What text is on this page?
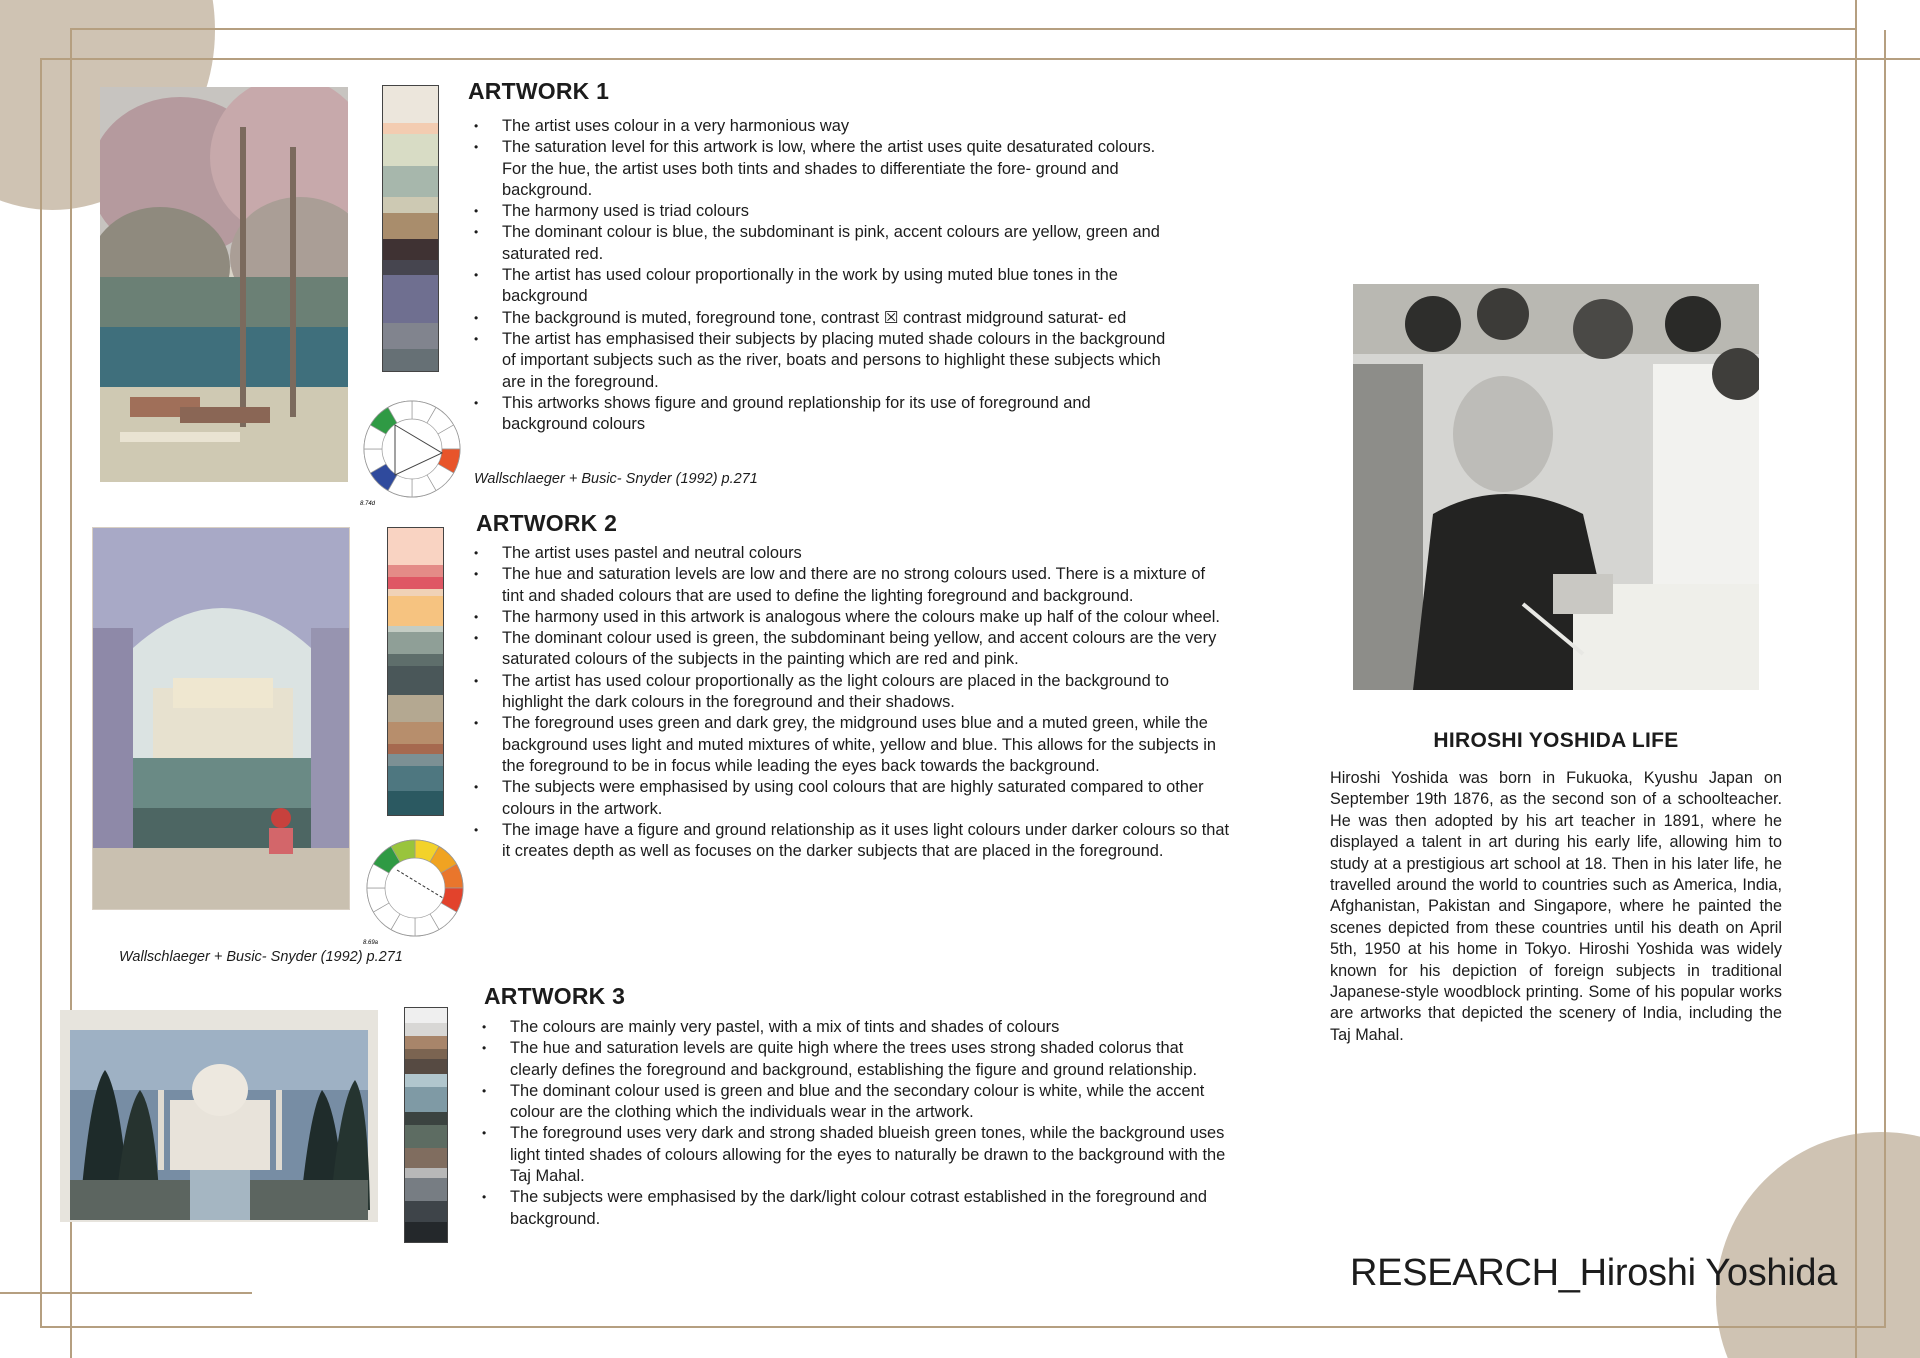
8.74d
ARTWORK 1
• The artist uses colour in a very harmonious way
• The saturation level for this artwork is low, where the artist uses quite desaturated colours. For the hue, the artist uses both tints and shades to differentiate the fore- ground and background.
• The harmony used is triad colours
• The dominant colour is blue, the subdominant is pink, accent colours are yellow, green and saturated red.
• The artist has used colour proportionally in the work by using muted blue tones in the background
• The background is muted, foreground tone, contrast ☒ contrast midground saturat- ed
• The artist has emphasised their subjects by placing muted shade colours in the background of important subjects such as the river, boats and persons to highlight these subjects which are in the foreground.
• This artworks shows figure and ground replationship for its use of foreground and background colours
Wallschlaeger + Busic- Snyder (1992) p.271
8.69a
Wallschlaeger + Busic- Snyder (1992) p.271
ARTWORK 2
• The artist uses pastel and neutral colours
• The hue and saturation levels are low and there are no strong colours used. There is a mixture of tint and shaded colours that are used to define the lighting foreground and background.
• The harmony used in this artwork is analogous where the colours make up half of the colour wheel.
• The dominant colour used is green, the subdominant being yellow, and accent colours are the very saturated colours of the subjects in the painting which are red and pink.
• The artist has used colour proportionally as the light colours are placed in the background to highlight the dark colours in the foreground and their shadows.
• The foreground uses green and dark grey, the midground uses blue and a muted green, while the background uses light and muted mixtures of white, yellow and blue. This allows for the subjects in the foreground to be in focus while leading the eyes back towards the background.
• The subjects were emphasised by using cool colours that are highly saturated compared to other colours in the artwork.
• The image have a figure and ground relationship as it uses light colours under darker colours so that it creates depth as well as focuses on the darker subjects that are placed in the foreground.
ARTWORK 3
• The colours are mainly very pastel, with a mix of tints and shades of colours
• The hue and saturation levels are quite high where the trees uses strong shaded colorus that clearly defines the foreground and background, establishing the figure and ground relationship.
• The dominant colour used is green and blue and the secondary colour is white, while the accent colour are the clothing which the individuals wear in the artwork.
• The foreground uses very dark and strong shaded blueish green tones, while the background uses light tinted shades of colours allowing for the eyes to naturally be drawn to the background with the Taj Mahal.
• The subjects were emphasised by the dark/light colour cotrast established in the foreground and background.
HIROSHI YOSHIDA LIFE
Hiroshi Yoshida was born in Fukuoka, Kyushu Japan on September 19th 1876, as the second son of a schoolteacher. He was then adopted by his art teacher in 1891, where he displayed a talent in art during his early life, allowing him to study at a prestigious art school at 18. Then in his later life, he travelled around the world to countries such as America, India, Afghanistan, Pakistan and Singapore, where he painted the scenes depicted from these countries until his death on April 5th, 1950 at his home in Tokyo. Hiroshi Yoshida was widely known for his depiction of foreign subjects in traditional Japanese-style woodblock printing. Some of his popular works are artworks that depicted the scenery of India, including the Taj Mahal.
RESEARCH_Hiroshi Yoshida
